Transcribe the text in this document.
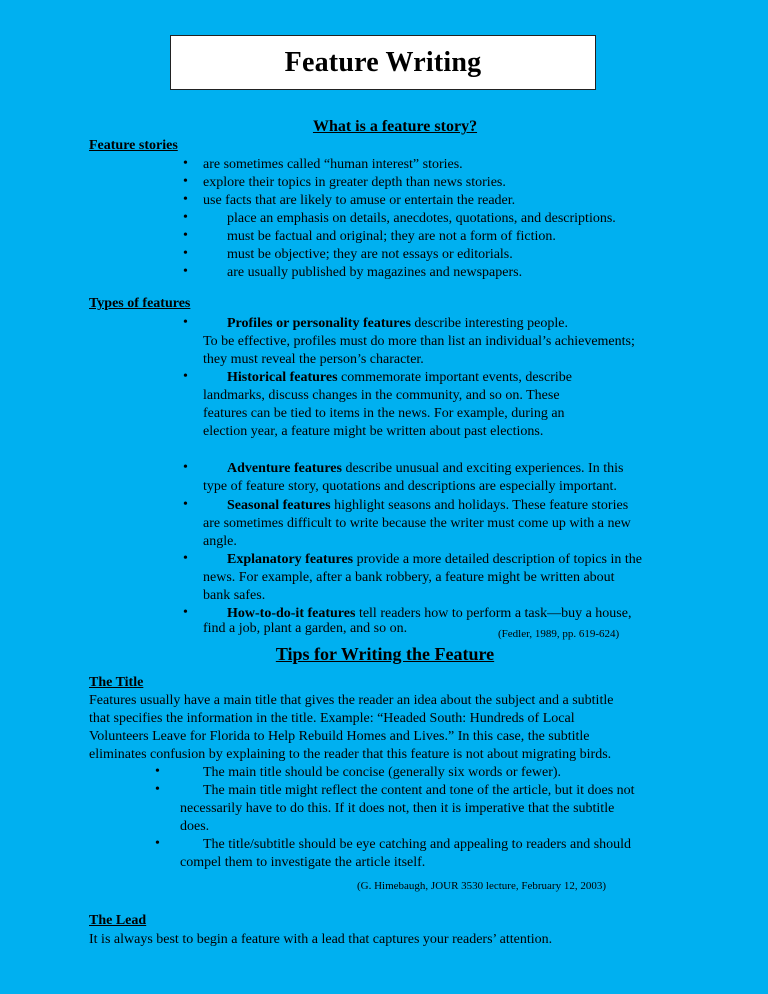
Feature Writing
What is a feature story?
Feature stories
• are sometimes called “human interest” stories.
• explore their topics in greater depth than news stories.
• use facts that are likely to amuse or entertain the reader.
•	place an emphasis on details, anecdotes, quotations, and descriptions.
•	must be factual and original; they are not a form of fiction.
•	must be objective; they are not essays or editorials.
•	are usually published by magazines and newspapers.
Types of features
•	Profiles or personality features describe interesting people.
To be effective, profiles must do more than list an individual’s achievements;
they must reveal the person’s character.
•	Historical features commemorate important events, describe
landmarks, discuss changes in the community, and so on. These
features can be tied to items in the news. For example, during an
election year, a feature might be written about past elections.
•	Adventure features describe unusual and exciting experiences. In this
type of feature story, quotations and descriptions are especially important.
•	Seasonal features highlight seasons and holidays. These feature stories
are sometimes difficult to write because the writer must come up with a new
angle.
•	Explanatory features provide a more detailed description of topics in the
news. For example, after a bank robbery, a feature might be written about
bank safes.
•	How-to-do-it features tell readers how to perform a task—buy a house,
find a job, plant a garden, and so on.	(Fedler, 1989, pp. 619-624)
Tips for Writing the Feature
The Title
Features usually have a main title that gives the reader an idea about the subject and a subtitle
that specifies the information in the title. Example: “Headed South: Hundreds of Local
Volunteers Leave for Florida to Help Rebuild Homes and Lives.” In this case, the subtitle
eliminates confusion by explaining to the reader that this feature is not about migrating birds.
•	The main title should be concise (generally six words or fewer).
•	The main title might reflect the content and tone of the article, but it does not
necessarily have to do this. If it does not, then it is imperative that the subtitle
does.
•	The title/subtitle should be eye catching and appealing to readers and should
compel them to investigate the article itself.
(G. Himebaugh, JOUR 3530 lecture, February 12, 2003)
The Lead
It is always best to begin a feature with a lead that captures your readers’ attention.
